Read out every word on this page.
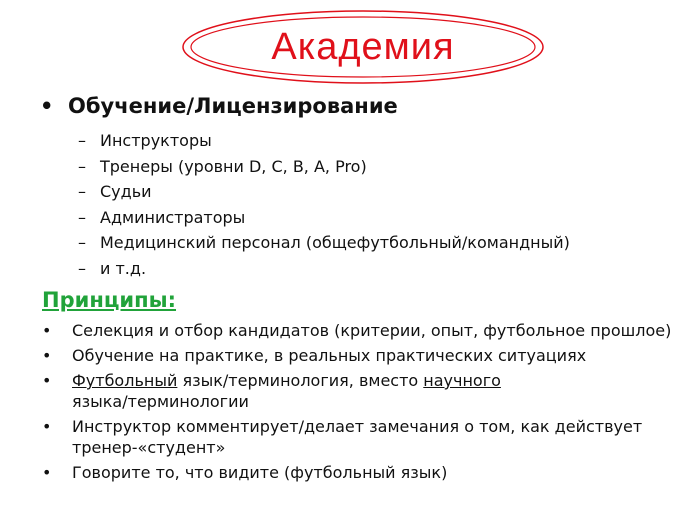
Академия
• Обучение/Лицензирование
– Инструкторы
– Тренеры (уровни D, C, B, A, Pro)
– Судьи
– Администраторы
– Медицинский персонал (общефутбольный/командный)
– и т.д.
Принципы:
•	Селекция и отбор кандидатов (критерии, опыт, футбольное прошлое)
•	Обучение на практике, в реальных практических ситуациях
•	Футбольный язык/терминология, вместо научного
языка/терминологии
•	Инструктор комментирует/делает замечания о том, как действует
тренер-«студент»
•	Говорите то, что видите (футбольный язык)
